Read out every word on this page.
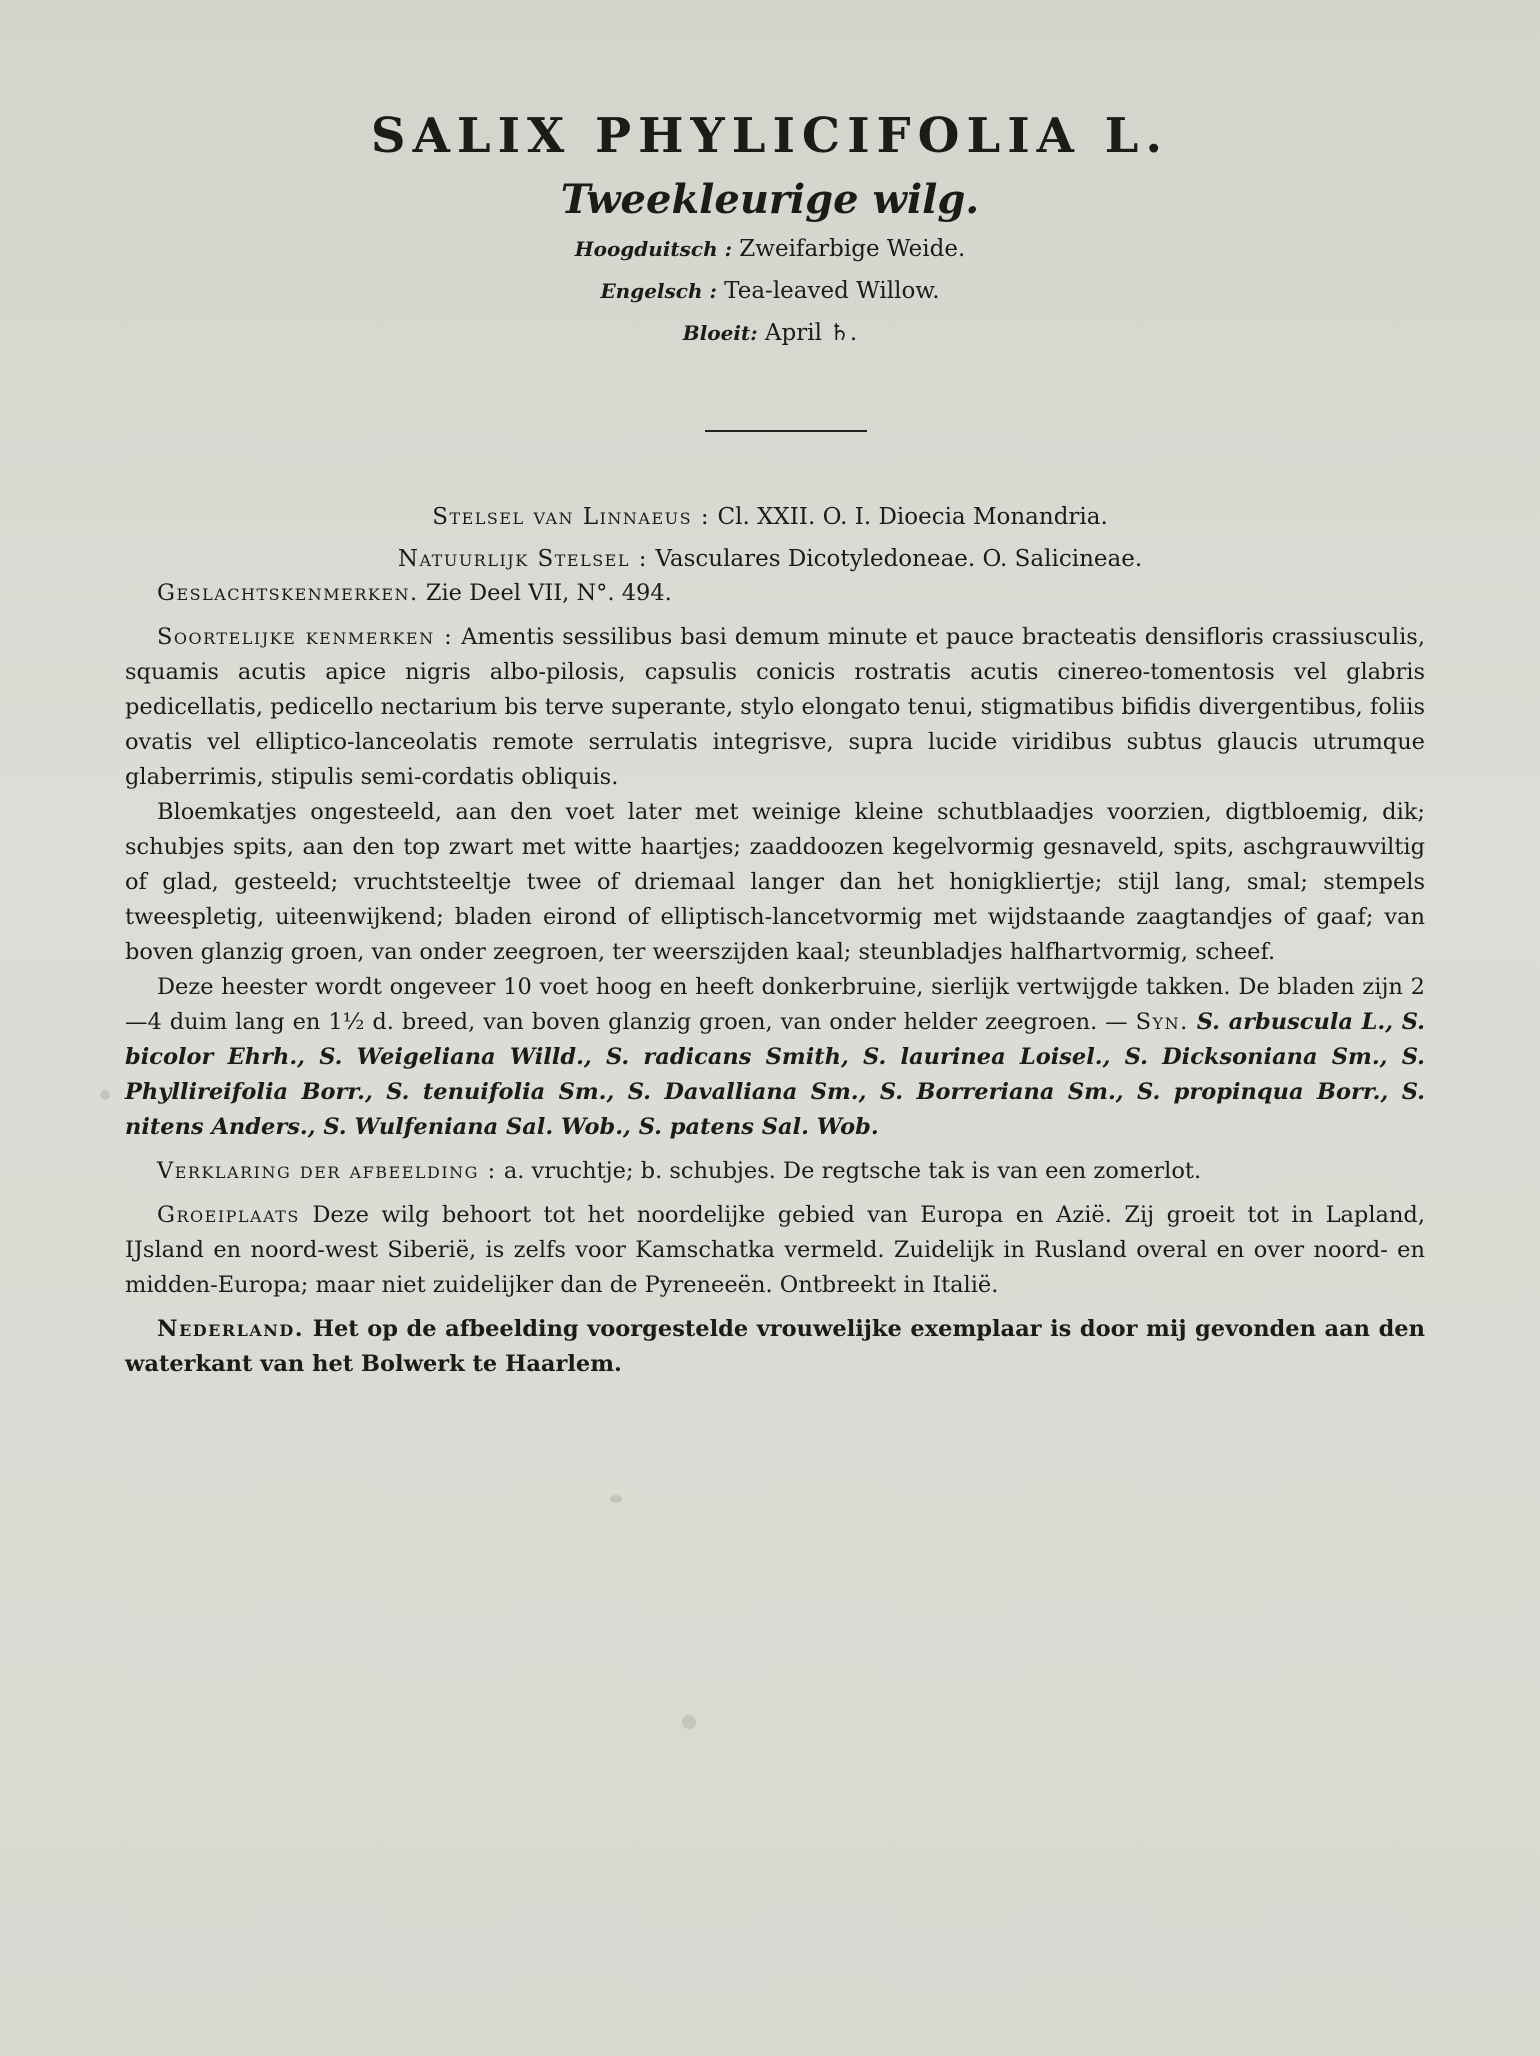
SALIX PHYLICIFOLIA L.
Tweekleurige wilg.
Hoogduitsch : Zweifarbige Weide.
Engelsch : Tea-leaved Willow.
Bloeit: April ♄.
Stelsel van Linnaeus : Cl. XXII. O. I. Dioecia Monandria.
Natuurlijk Stelsel : Vasculares Dicotyledoneae. O. Salicineae.

Geslachtskenmerken. Zie Deel VII, N°. 494.

Soortelijke kenmerken : Amentis sessilibus basi demum minute et pauce bracteatis densifloris crassiusculis, squamis acutis apice nigris albo-pilosis, capsulis conicis rostratis acutis cinereo-tomentosis vel glabris pedicellatis, pedicello nectarium bis terve superante, stylo elongato tenui, stigmatibus bifidis divergentibus, foliis ovatis vel elliptico-lanceolatis remote serrulatis integrisve, supra lucide viridibus subtus glaucis utrumque glaberrimis, stipulis semi-cordatis obliquis.

Bloemkatjes ongesteeld, aan den voet later met weinige kleine schutblaadjes voorzien, digtbloemig, dik; schubjes spits, aan den top zwart met witte haartjes; zaaddoozen kegelvormig gesnaveld, spits, aschgrauwviltig of glad, gesteeld; vruchtsteeltje twee of driemaal langer dan het honigkliertje; stijl lang, smal; stempels tweespletig, uiteenwijkend; bladen eirond of elliptisch-lancetvormig met wijdstaande zaagtandjes of gaaf; van boven glanzig groen, van onder zeegroen, ter weerszijden kaal; steunbladjes halfhartvormig, scheef.

Deze heester wordt ongeveer 10 voet hoog en heeft donkerbruine, sierlijk vertwijgde takken. De bladen zijn 2—4 duim lang en 1½ d. breed, van boven glanzig groen, van onder helder zeegroen. — Syn. S. arbuscula L., S. bicolor Ehrh., S. Weigeliana Willd., S. radicans Smith, S. laurinea Loisel., S. Dicksoniana Sm., S. Phyllireifolia Borr., S. tenuifolia Sm., S. Davalliana Sm., S. Borreriana Sm., S. propinqua Borr., S. nitens Anders., S. Wulfeniana Sal. Wob., S. patens Sal. Wob.

Verklaring der afbeelding : a. vruchtje; b. schubjes. De regtsche tak is van een zomerlot.

Groeiplaats Deze wilg behoort tot het noordelijke gebied van Europa en Azië. Zij groeit tot in Lapland, IJsland en noord-west Siberië, is zelfs voor Kamschatka vermeld. Zuidelijk in Rusland overal en over noord- en midden-Europa; maar niet zuidelijker dan de Pyreneeën. Ontbreekt in Italië.

Nederland. Het op de afbeelding voorgestelde vrouwelijke exemplaar is door mij gevonden aan den waterkant van het Bolwerk te Haarlem.
